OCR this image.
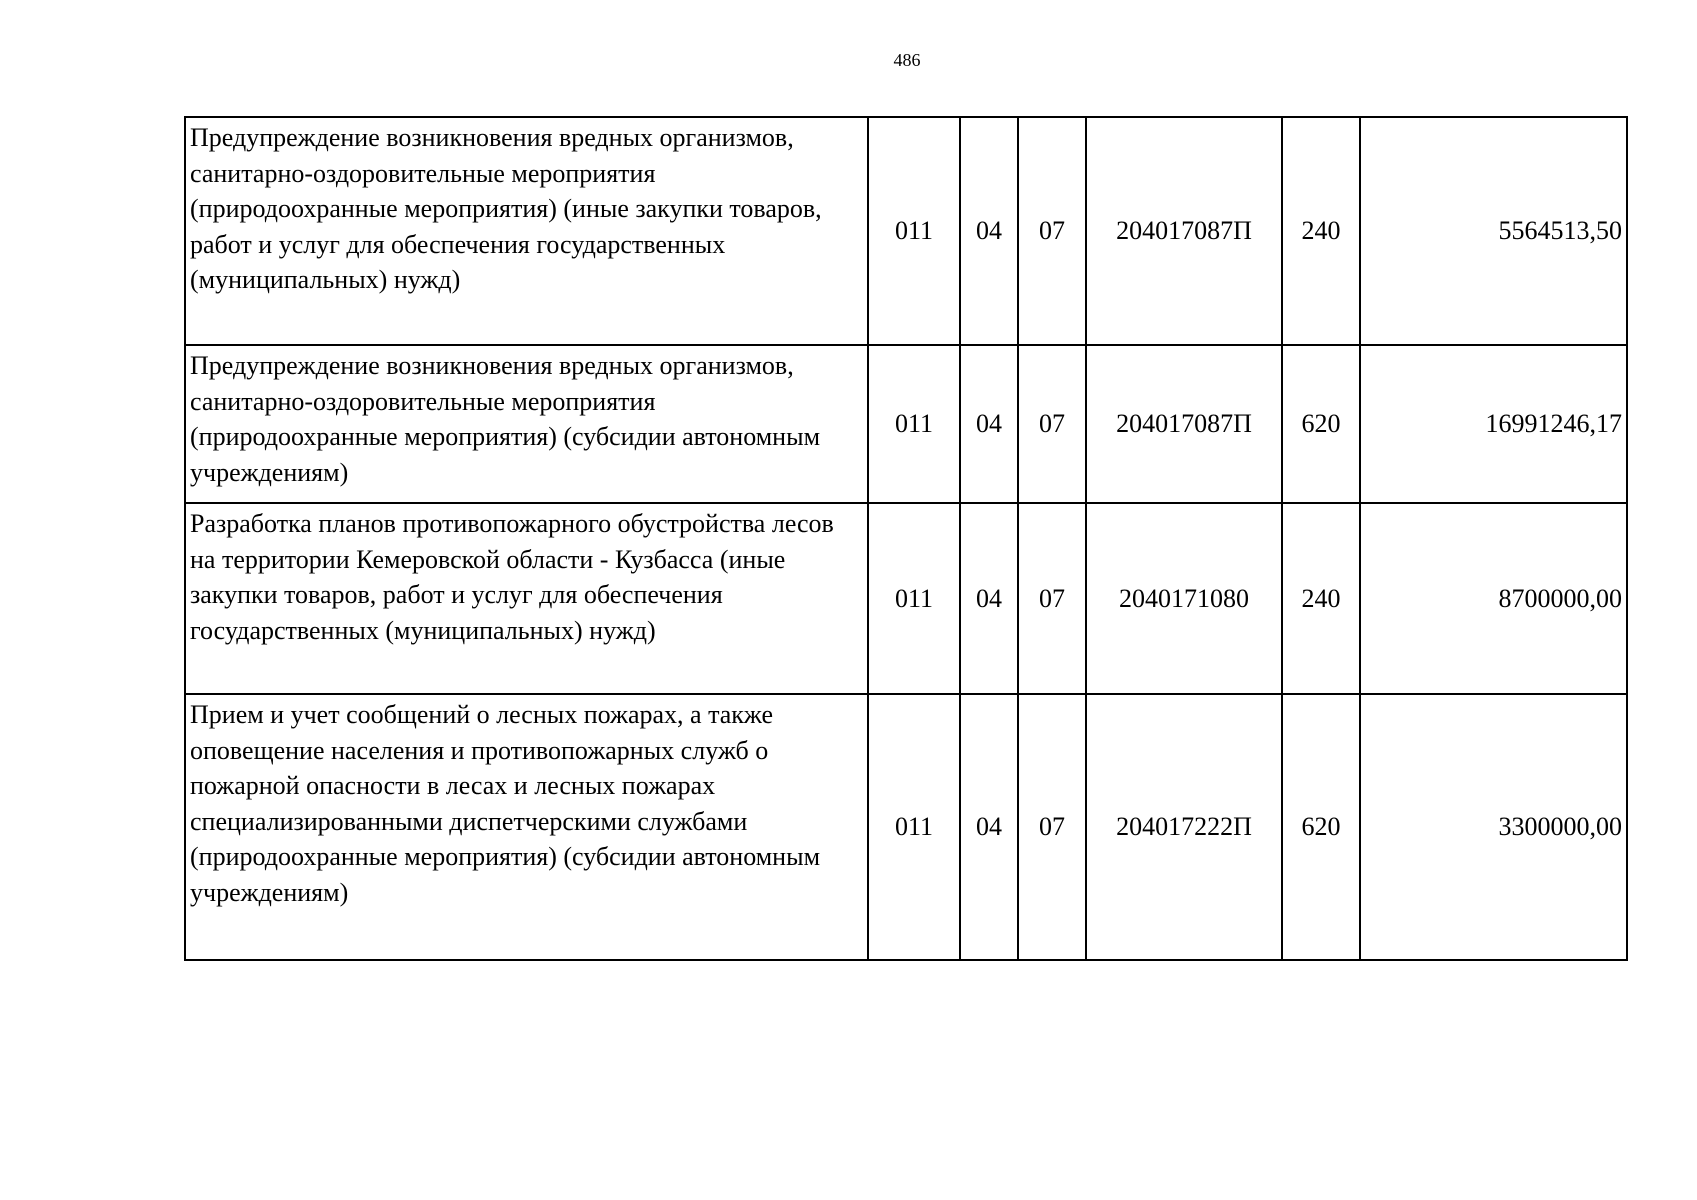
486
Предупреждение возникновения вредных организмов, санитарно-оздоровительные мероприятия (природоохранные мероприятия) (иные закупки товаров, работ и услуг для обеспечения государственных (муниципальных) нужд)	011	04	07	204017087П	240	5564513,50
Предупреждение возникновения вредных организмов, санитарно-оздоровительные мероприятия (природоохранные мероприятия) (субсидии автономным учреждениям)	011	04	07	204017087П	620	16991246,17
Разработка планов противопожарного обустройства лесов на территории Кемеровской области - Кузбасса (иные закупки товаров, работ и услуг для обеспечения государственных (муниципальных) нужд)	011	04	07	2040171080	240	8700000,00
Прием и учет сообщений о лесных пожарах, а также оповещение населения и противопожарных служб о пожарной опасности в лесах и лесных пожарах специализированными диспетчерскими службами (природоохранные мероприятия) (субсидии автономным учреждениям)	011	04	07	204017222П	620	3300000,00
